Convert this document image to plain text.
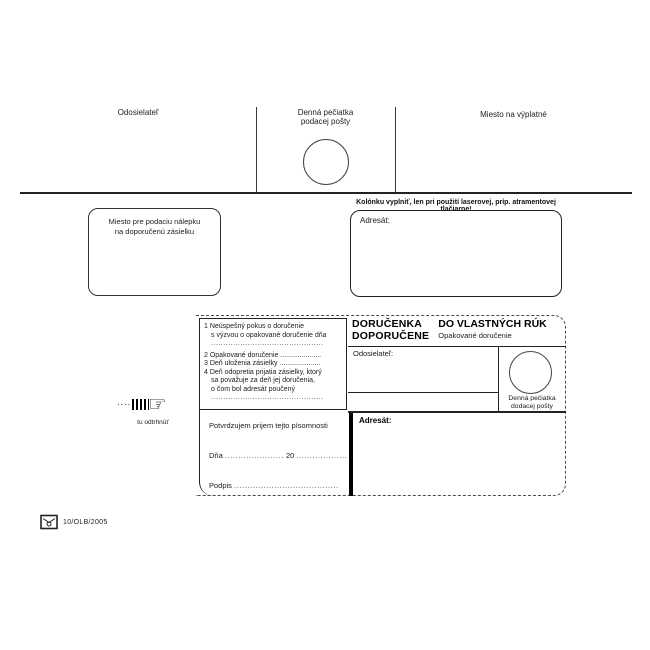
Odosielateľ	Denná pečiatka
podacej pošty
Miesto na výplatné
Miesto pre podaciu nálepku
na doporučenú zásielku
Kolónku vyplniť, len pri použití laserovej, príp. atramentovej tlačiarne!
Adresát:
1 Neúspešný pokus o doručenie
s výzvou o opakované doručenie dňa
..............................................
2 Opakované doručenie .....................
3 Deň uloženia zásielky .....................
4 Deň odopretia prijatia zásielky, ktorý
sa považuje za deň jej doručenia,
o čom bol adresát poučený
..............................................
DORUČENKA
DOPORUČENE
DO VLASTNÝCH RÚK
Opakované doručenie
Odosielateľ:
Denná pečiatka
dodacej pošty
Adresát:
Potvrdzujem prijem tejto písomnosti
Dňa ...................... 20 ...................
Podpis .......................................
∙∙∙∙ ☞
tu odtrhnúť
10/OLB/2005
